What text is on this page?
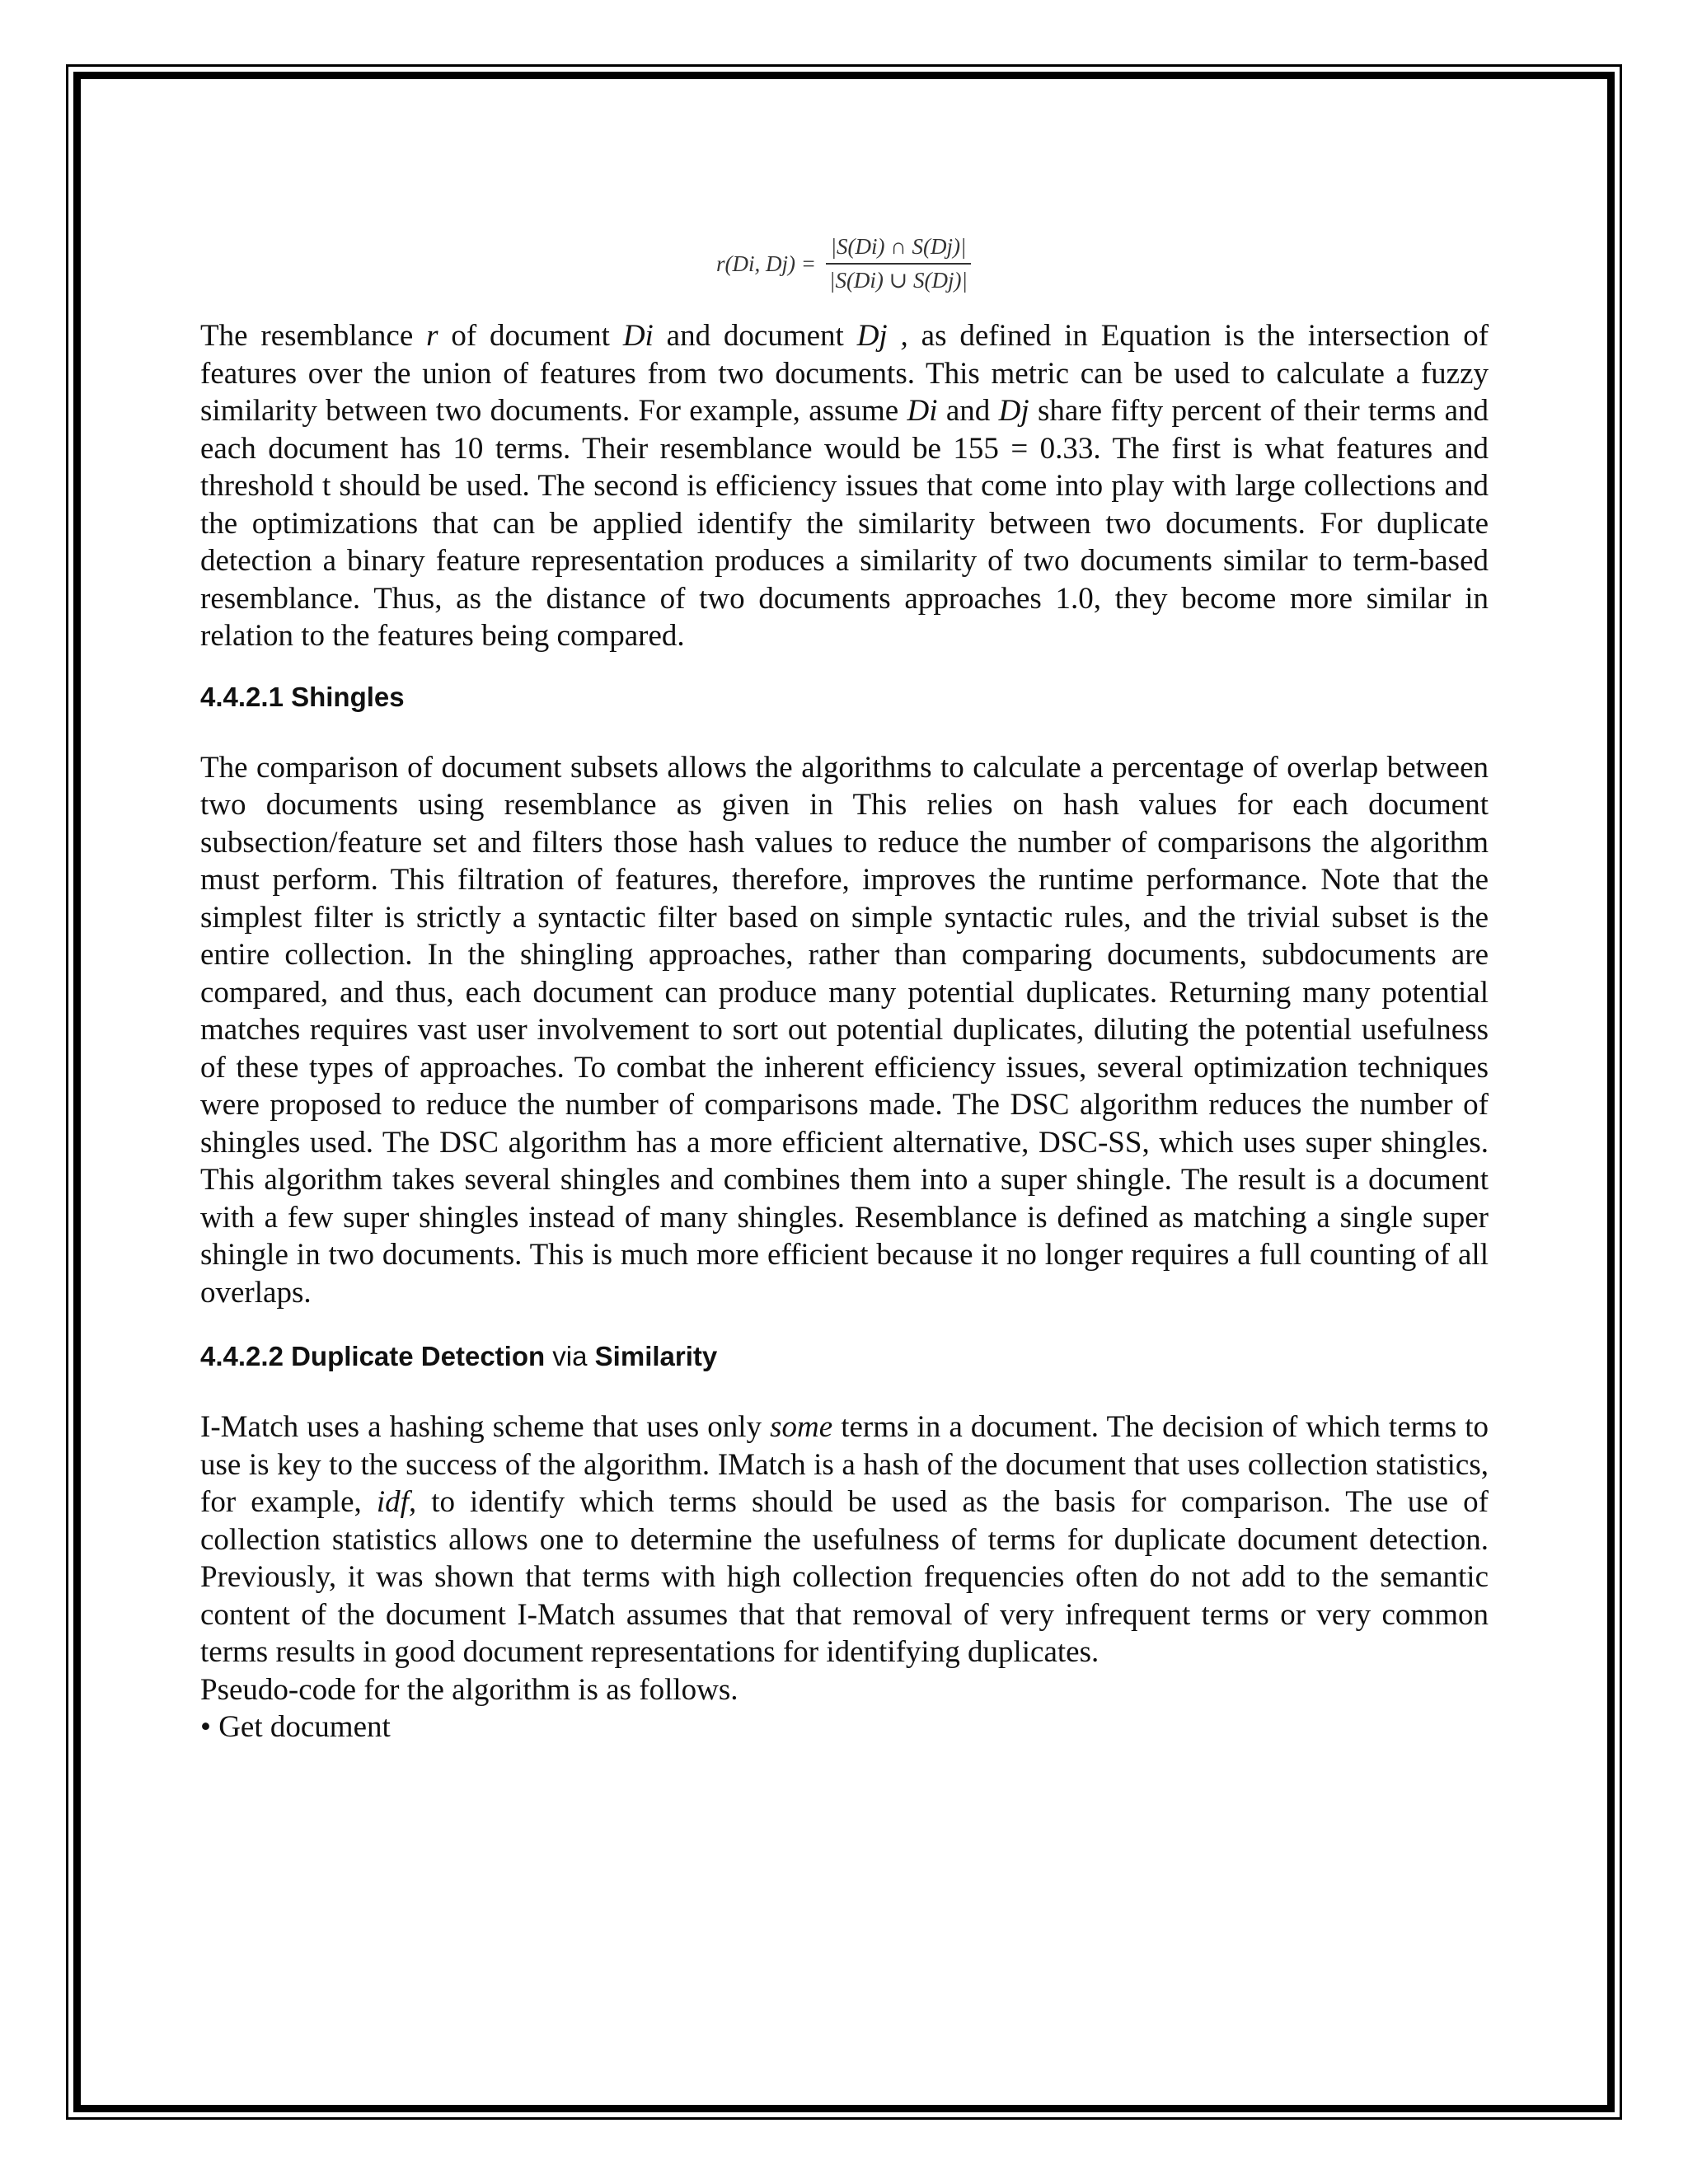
r(Di, $Dj) = \frac{|S(Di) \cap S(Dj)|}{|S(Di) \cup S(Dj)|}$

The resemblance r of document Di and document Dj , as defined in Equation is the intersection of features over the union of features from two documents. This metric can be used to calculate a fuzzy similarity between two documents. For example, assume Di and Dj share fifty percent of their terms and each document has 10 terms. Their resemblance would be 155 = 0.33. The first is what features and threshold t should be used. The second is efficiency issues that come into play with large collections and the optimizations that can be applied identify the similarity between two documents. For duplicate detection a binary feature representation produces a similarity of two documents similar to term-based resemblance. Thus, as the distance of two documents approaches 1.0, they become more similar in relation to the features being compared.

4.4.2.1 Shingles

The comparison of document subsets allows the algorithms to calculate a percentage of overlap between two documents using resemblance as given in This relies on hash values for each document subsection/feature set and filters those hash values to reduce the number of comparisons the algorithm must perform. This filtration of features, therefore, improves the runtime performance. Note that the simplest filter is strictly a syntactic filter based on simple syntactic rules, and the trivial subset is the entire collection. In the shingling approaches, rather than comparing documents, subdocuments are compared, and thus, each document can produce many potential duplicates. Returning many potential matches requires vast user involvement to sort out potential duplicates, diluting the potential usefulness of these types of approaches. To combat the inherent efficiency issues, several optimization techniques were proposed to reduce the number of comparisons made. The DSC algorithm reduces the number of shingles used. The DSC algorithm has a more efficient alternative, DSC-SS, which uses super shingles. This algorithm takes several shingles and combines them into a super shingle. The result is a document with a few super shingles instead of many shingles. Resemblance is defined as matching a single super shingle in two documents. This is much more efficient because it no longer requires a full counting of all overlaps.

4.4.2.2 Duplicate Detection via Similarity

I-Match uses a hashing scheme that uses only some terms in a document. The decision of which terms to use is key to the success of the algorithm. IMatch is a hash of the document that uses collection statistics, for example, idf, to identify which terms should be used as the basis for comparison. The use of collection statistics allows one to determine the usefulness of terms for duplicate document detection. Previously, it was shown that terms with high collection frequencies often do not add to the semantic content of the document I-Match assumes that that removal of very infrequent terms or very common terms results in good document representations for identifying duplicates.

Pseudo-code for the algorithm is as follows.

• Get document
